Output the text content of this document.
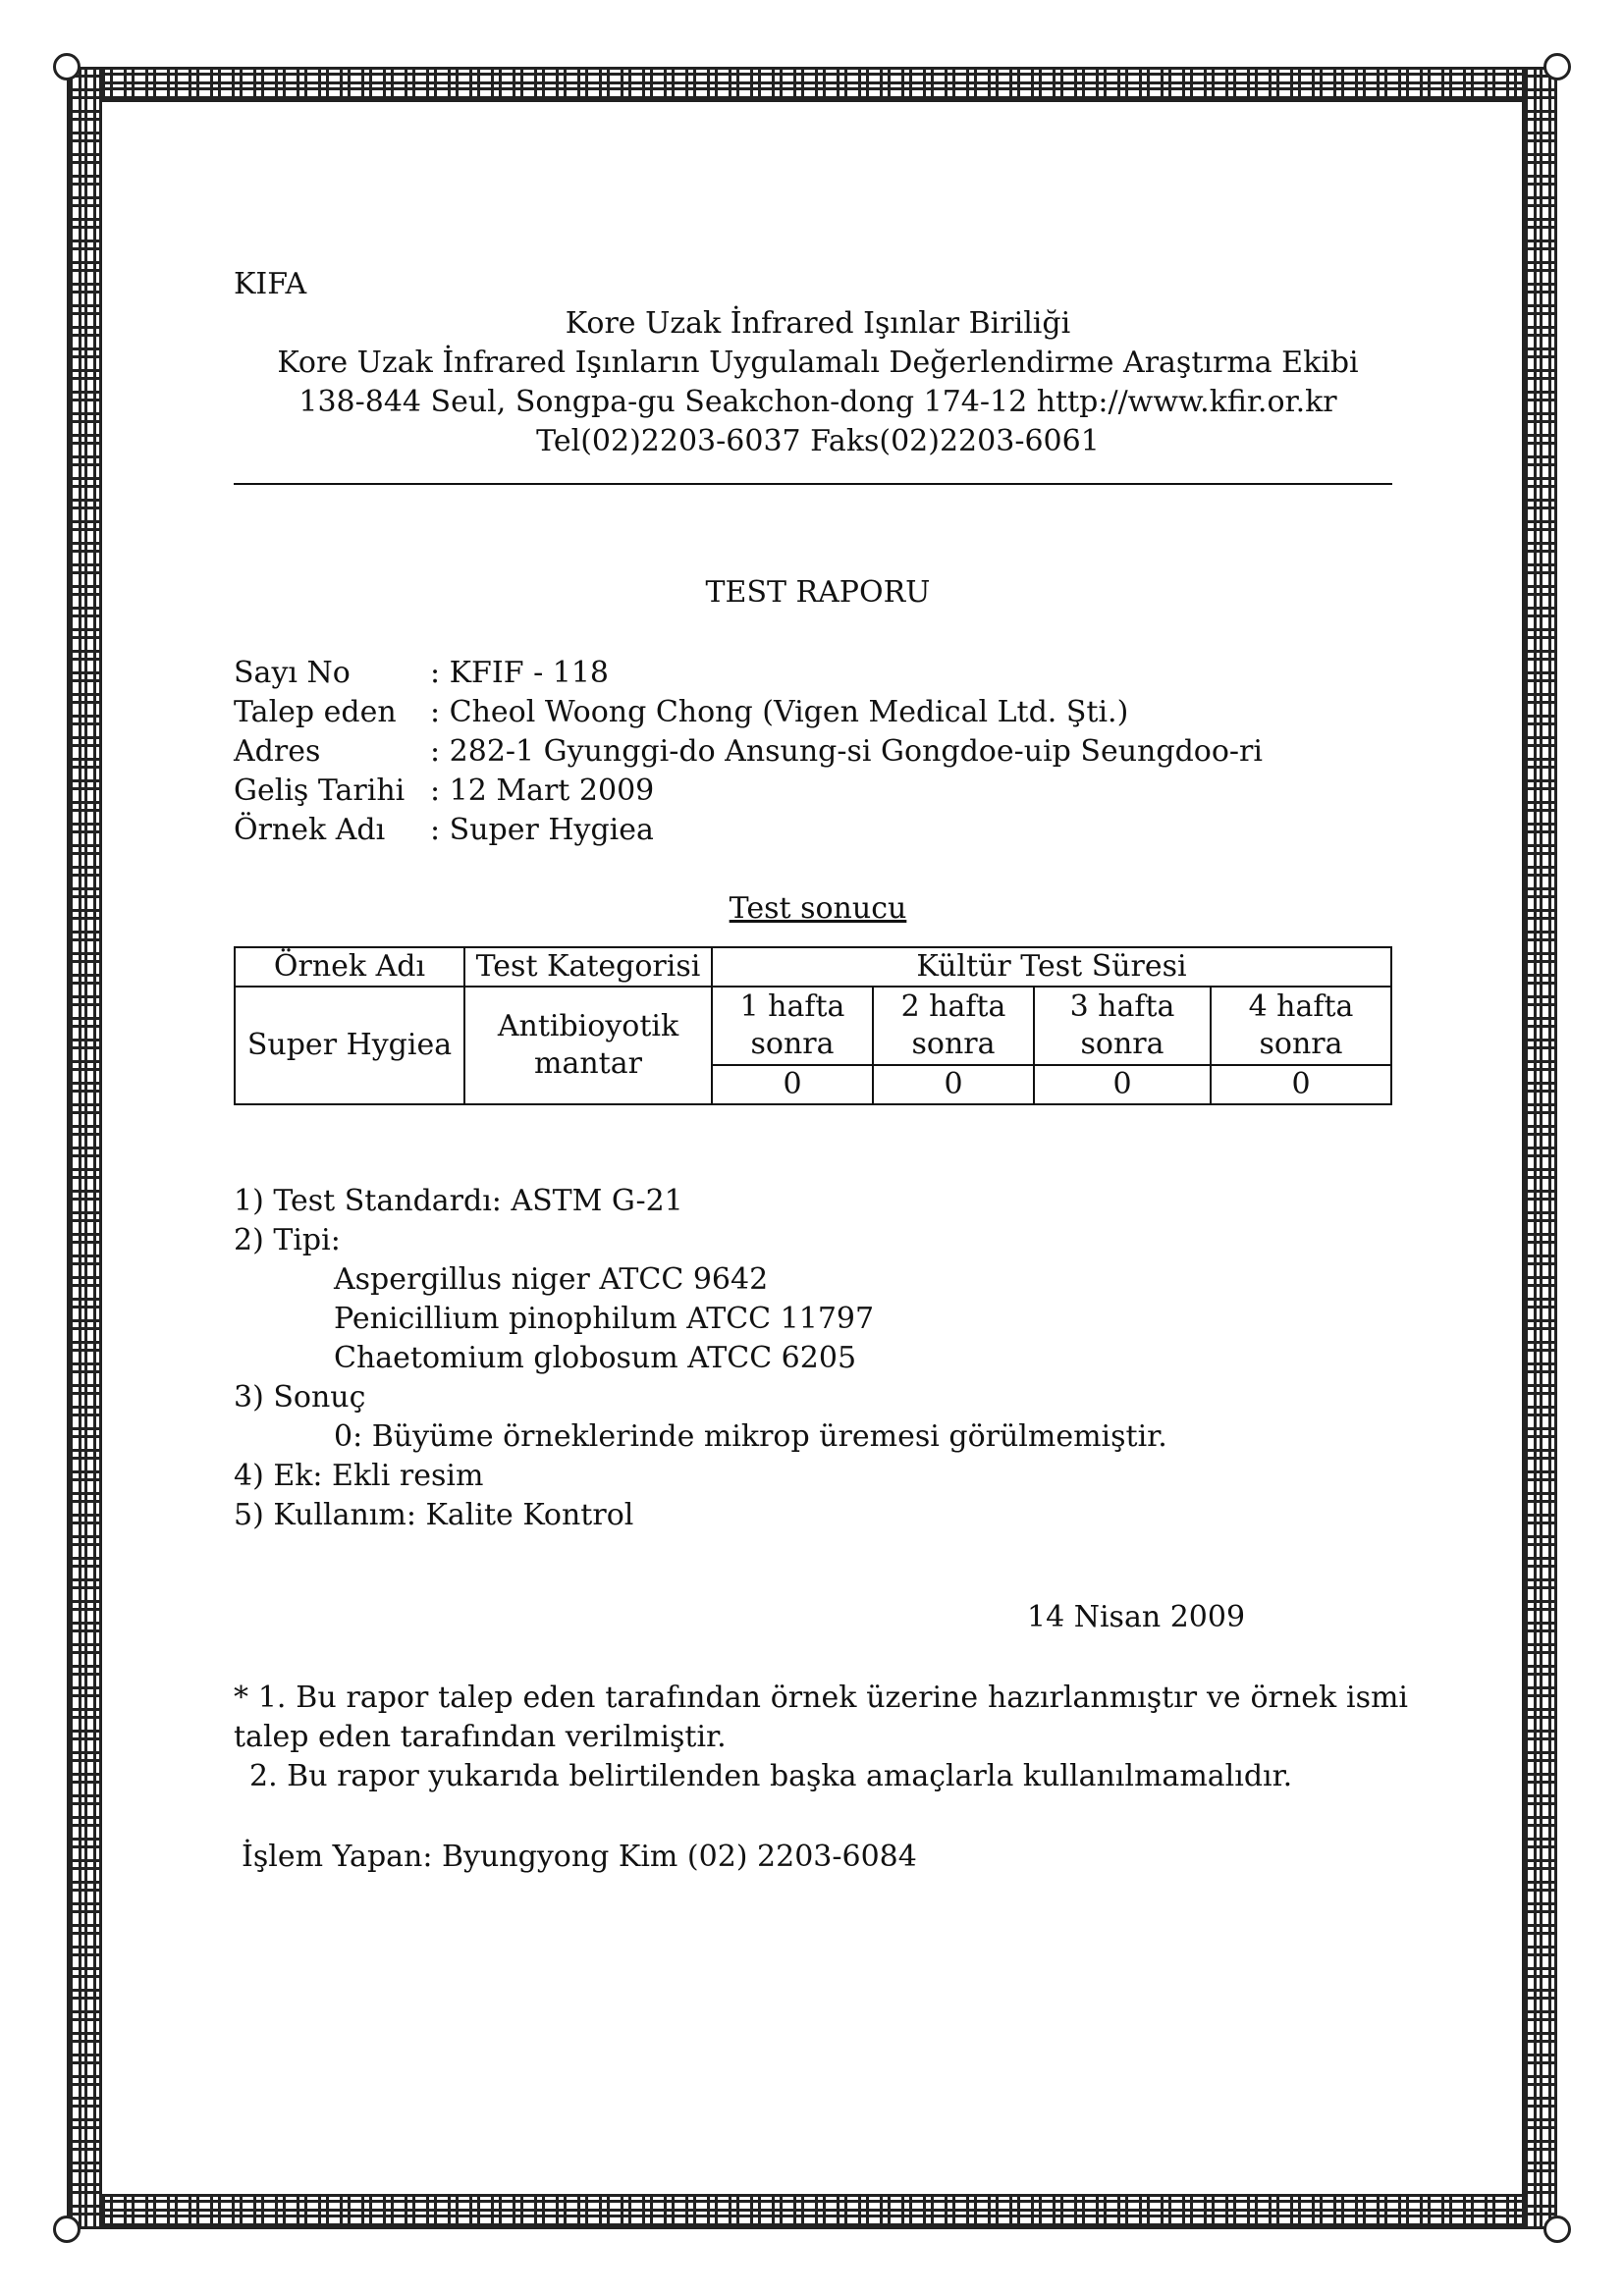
KIFA
Kore Uzak İnfrared Işınlar Biriliği
Kore Uzak İnfrared Işınların Uygulamalı Değerlendirme Araştırma Ekibi
138-844 Seul, Songpa-gu Seakchon-dong 174-12 http://www.kfir.or.kr
Tel(02)2203-6037 Faks(02)2203-6061
TEST RAPORU
Sayı No	: KFIF - 118
Talep eden	: Cheol Woong Chong (Vigen Medical Ltd. Şti.)
Adres	: 282-1 Gyunggi-do Ansung-si Gongdoe-uip Seungdoo-ri
Geliş Tarihi : 12 Mart 2009
Örnek Adı	: Super Hygiea
Test sonucu
Örnek Adı	Test Kategorisi	Kültür Test Süresi			
Super Hygiea	Antibioyotik mantar	1 hafta sonra	2 hafta sonra	3 hafta sonra	4 hafta sonra
		0	0	0	0
1) Test Standardı: ASTM G-21
2) Tipi:
Aspergillus niger ATCC 9642
Penicillium pinophilum ATCC 11797
Chaetomium globosum ATCC 6205
3) Sonuç
0: Büyüme örneklerinde mikrop üremesi görülmemiştir.
4) Ek: Ekli resim
5) Kullanım: Kalite Kontrol
14 Nisan 2009
* 1. Bu rapor talep eden tarafından örnek üzerine hazırlanmıştır ve örnek ismi talep eden tarafından verilmiştir.
2. Bu rapor yukarıda belirtilenden başka amaçlarla kullanılmamalıdır.
İşlem Yapan: Byungyong Kim (02) 2203-6084
